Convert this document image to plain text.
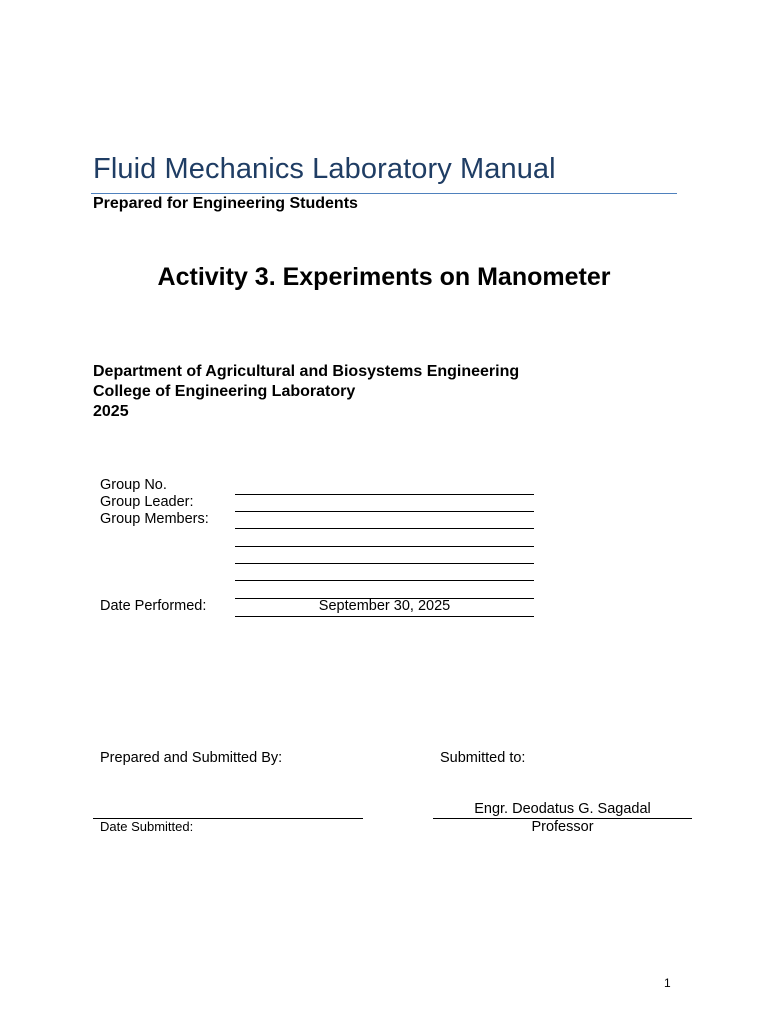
Fluid Mechanics Laboratory Manual
Prepared for Engineering Students
Activity 3. Experiments on Manometer
Department of Agricultural and Biosystems Engineering
College of Engineering Laboratory
2025
Group No.
Group Leader:
Group Members:
Date Performed:	September 30, 2025
Prepared and Submitted By:	Submitted to:
Engr. Deodatus G. Sagadal
Date Submitted:	Professor
1
